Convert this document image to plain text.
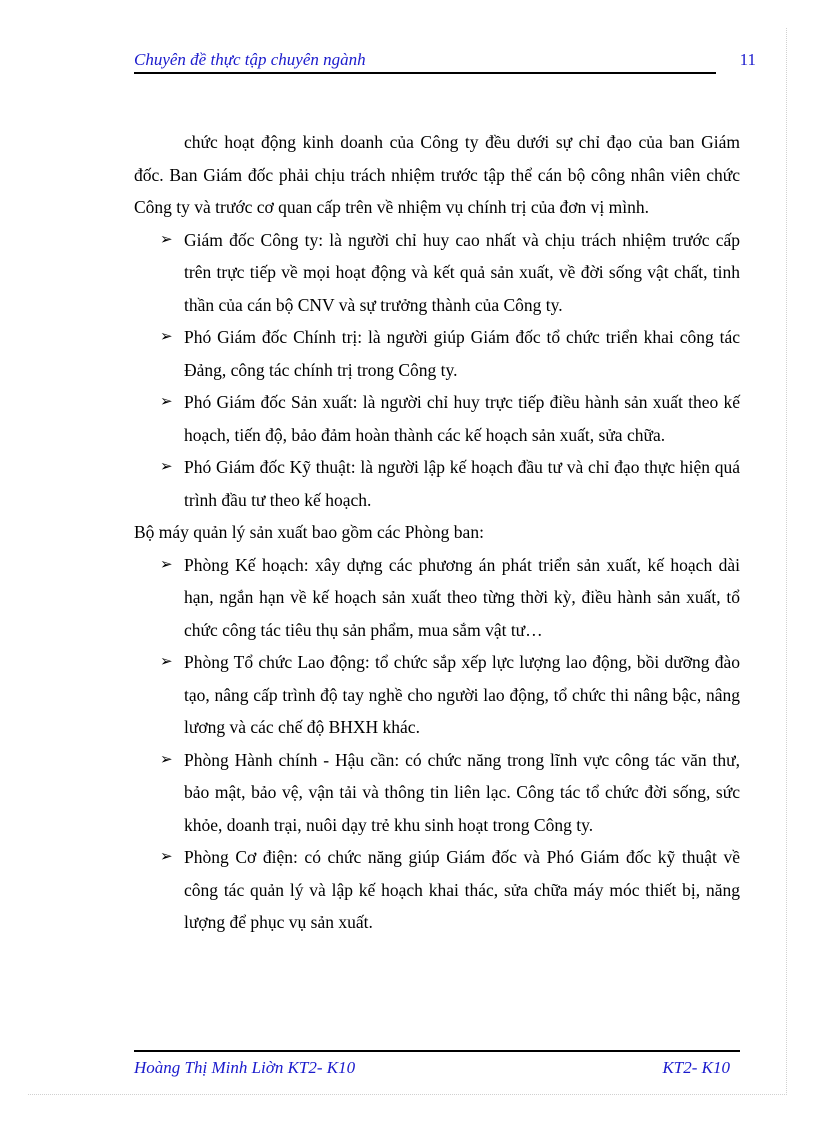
Chuyên đề thực tập chuyên ngành	11

chức hoạt động kinh doanh của Công ty đều dưới sự chỉ đạo của ban Giám đốc. Ban Giám đốc phải chịu trách nhiệm trước tập thể cán bộ công nhân viên chức Công ty và trước cơ quan cấp trên về nhiệm vụ chính trị của đơn vị mình.

➢ Giám đốc Công ty: là người chỉ huy cao nhất và chịu trách nhiệm trước cấp trên trực tiếp về mọi hoạt động và kết quả sản xuất, về đời sống vật chất, tinh thần của cán bộ CNV và sự trưởng thành của Công ty.

➢ Phó Giám đốc Chính trị: là người giúp Giám đốc tổ chức triển khai công tác Đảng, công tác chính trị trong Công ty.

➢ Phó Giám đốc Sản xuất: là người chỉ huy trực tiếp điều hành sản xuất theo kế hoạch, tiến độ, bảo đảm hoàn thành các kế hoạch sản xuất, sửa chữa.

➢ Phó Giám đốc Kỹ thuật: là người lập kế hoạch đầu tư và chỉ đạo thực hiện quá trình đầu tư theo kế hoạch.

Bộ máy quản lý sản xuất bao gồm các Phòng ban:

➢ Phòng Kế hoạch: xây dựng các phương án phát triển sản xuất, kế hoạch dài hạn, ngắn hạn về kế hoạch sản xuất theo từng thời kỳ, điều hành sản xuất, tổ chức công tác tiêu thụ sản phẩm, mua sắm vật tư…

➢ Phòng Tổ chức Lao động: tổ chức sắp xếp lực lượng lao động, bồi dưỡng đào tạo, nâng cấp trình độ tay nghề cho người lao động, tổ chức thi nâng bậc, nâng lương và các chế độ BHXH khác.

➢ Phòng Hành chính - Hậu cần: có chức năng trong lĩnh vực công tác văn thư, bảo mật, bảo vệ, vận tải và thông tin liên lạc. Công tác tổ chức đời sống, sức khỏe, doanh trại, nuôi dạy trẻ khu sinh hoạt trong Công ty.

➢ Phòng Cơ điện: có chức năng giúp Giám đốc và Phó Giám đốc kỹ thuật về công tác quản lý và lập kế hoạch khai thác, sửa chữa máy móc thiết bị, năng lượng để phục vụ sản xuất.

Hoàng Thị Minh Liờn KT2- K10	KT2- K10
